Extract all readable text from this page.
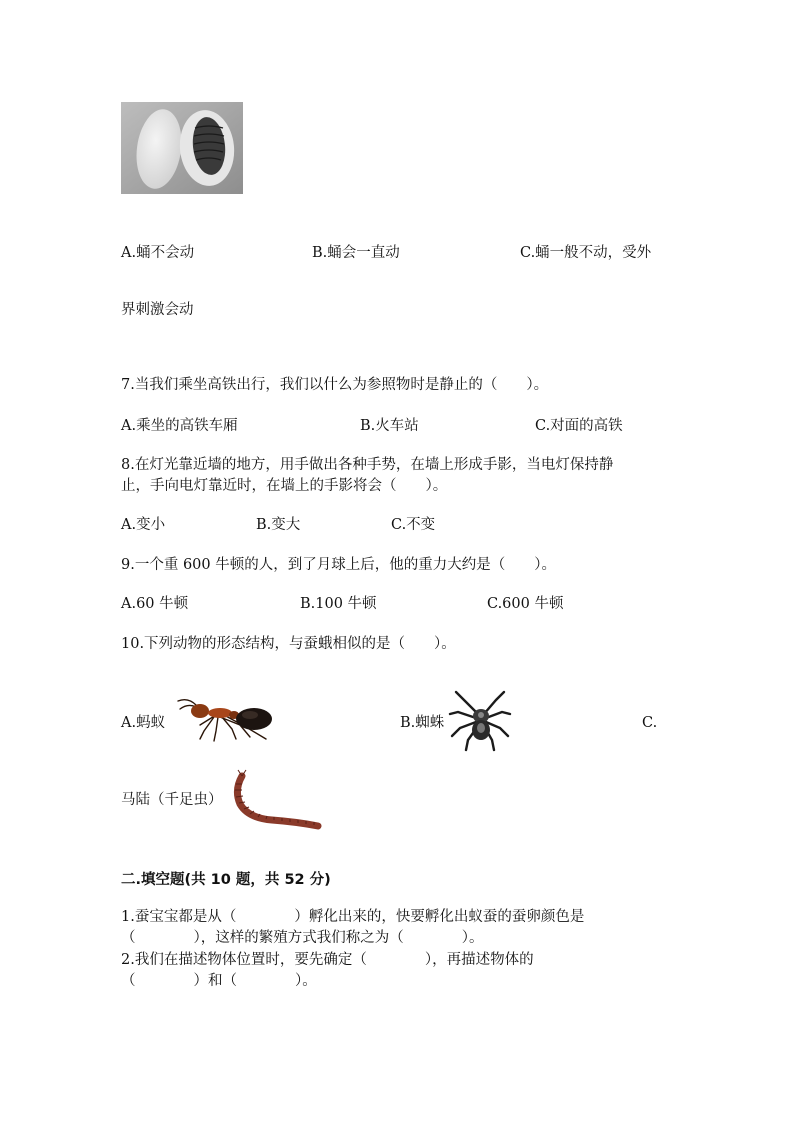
A.蛹不会动	B.蛹会一直动	C.蛹一般不动，受外
界刺激会动
7.当我们乘坐高铁出行，我们以什么为参照物时是静止的（　　）。
A.乘坐的高铁车厢	B.火车站	C.对面的高铁
8.在灯光靠近墙的地方，用手做出各种手势，在墙上形成手影，当电灯保持静
止，手向电灯靠近时，在墙上的手影将会（　　）。
A.变小	B.变大	C.不变
9.一个重 600 牛顿的人，到了月球上后，他的重力大约是（　　）。
A.60 牛顿	B.100 牛顿	C.600 牛顿
10.下列动物的形态结构，与蚕蛾相似的是（　　）。
A.蚂蚁	B.蜘蛛	C.
马陆（千足虫）
二.填空题(共 10 题，共 52 分)
1.蚕宝宝都是从（　　　　）孵化出来的，快要孵化出蚁蚕的蚕卵颜色是
（　　　　），这样的繁殖方式我们称之为（　　　　）。
2.我们在描述物体位置时，要先确定（　　　　），再描述物体的
（　　　　）和（　　　　）。
